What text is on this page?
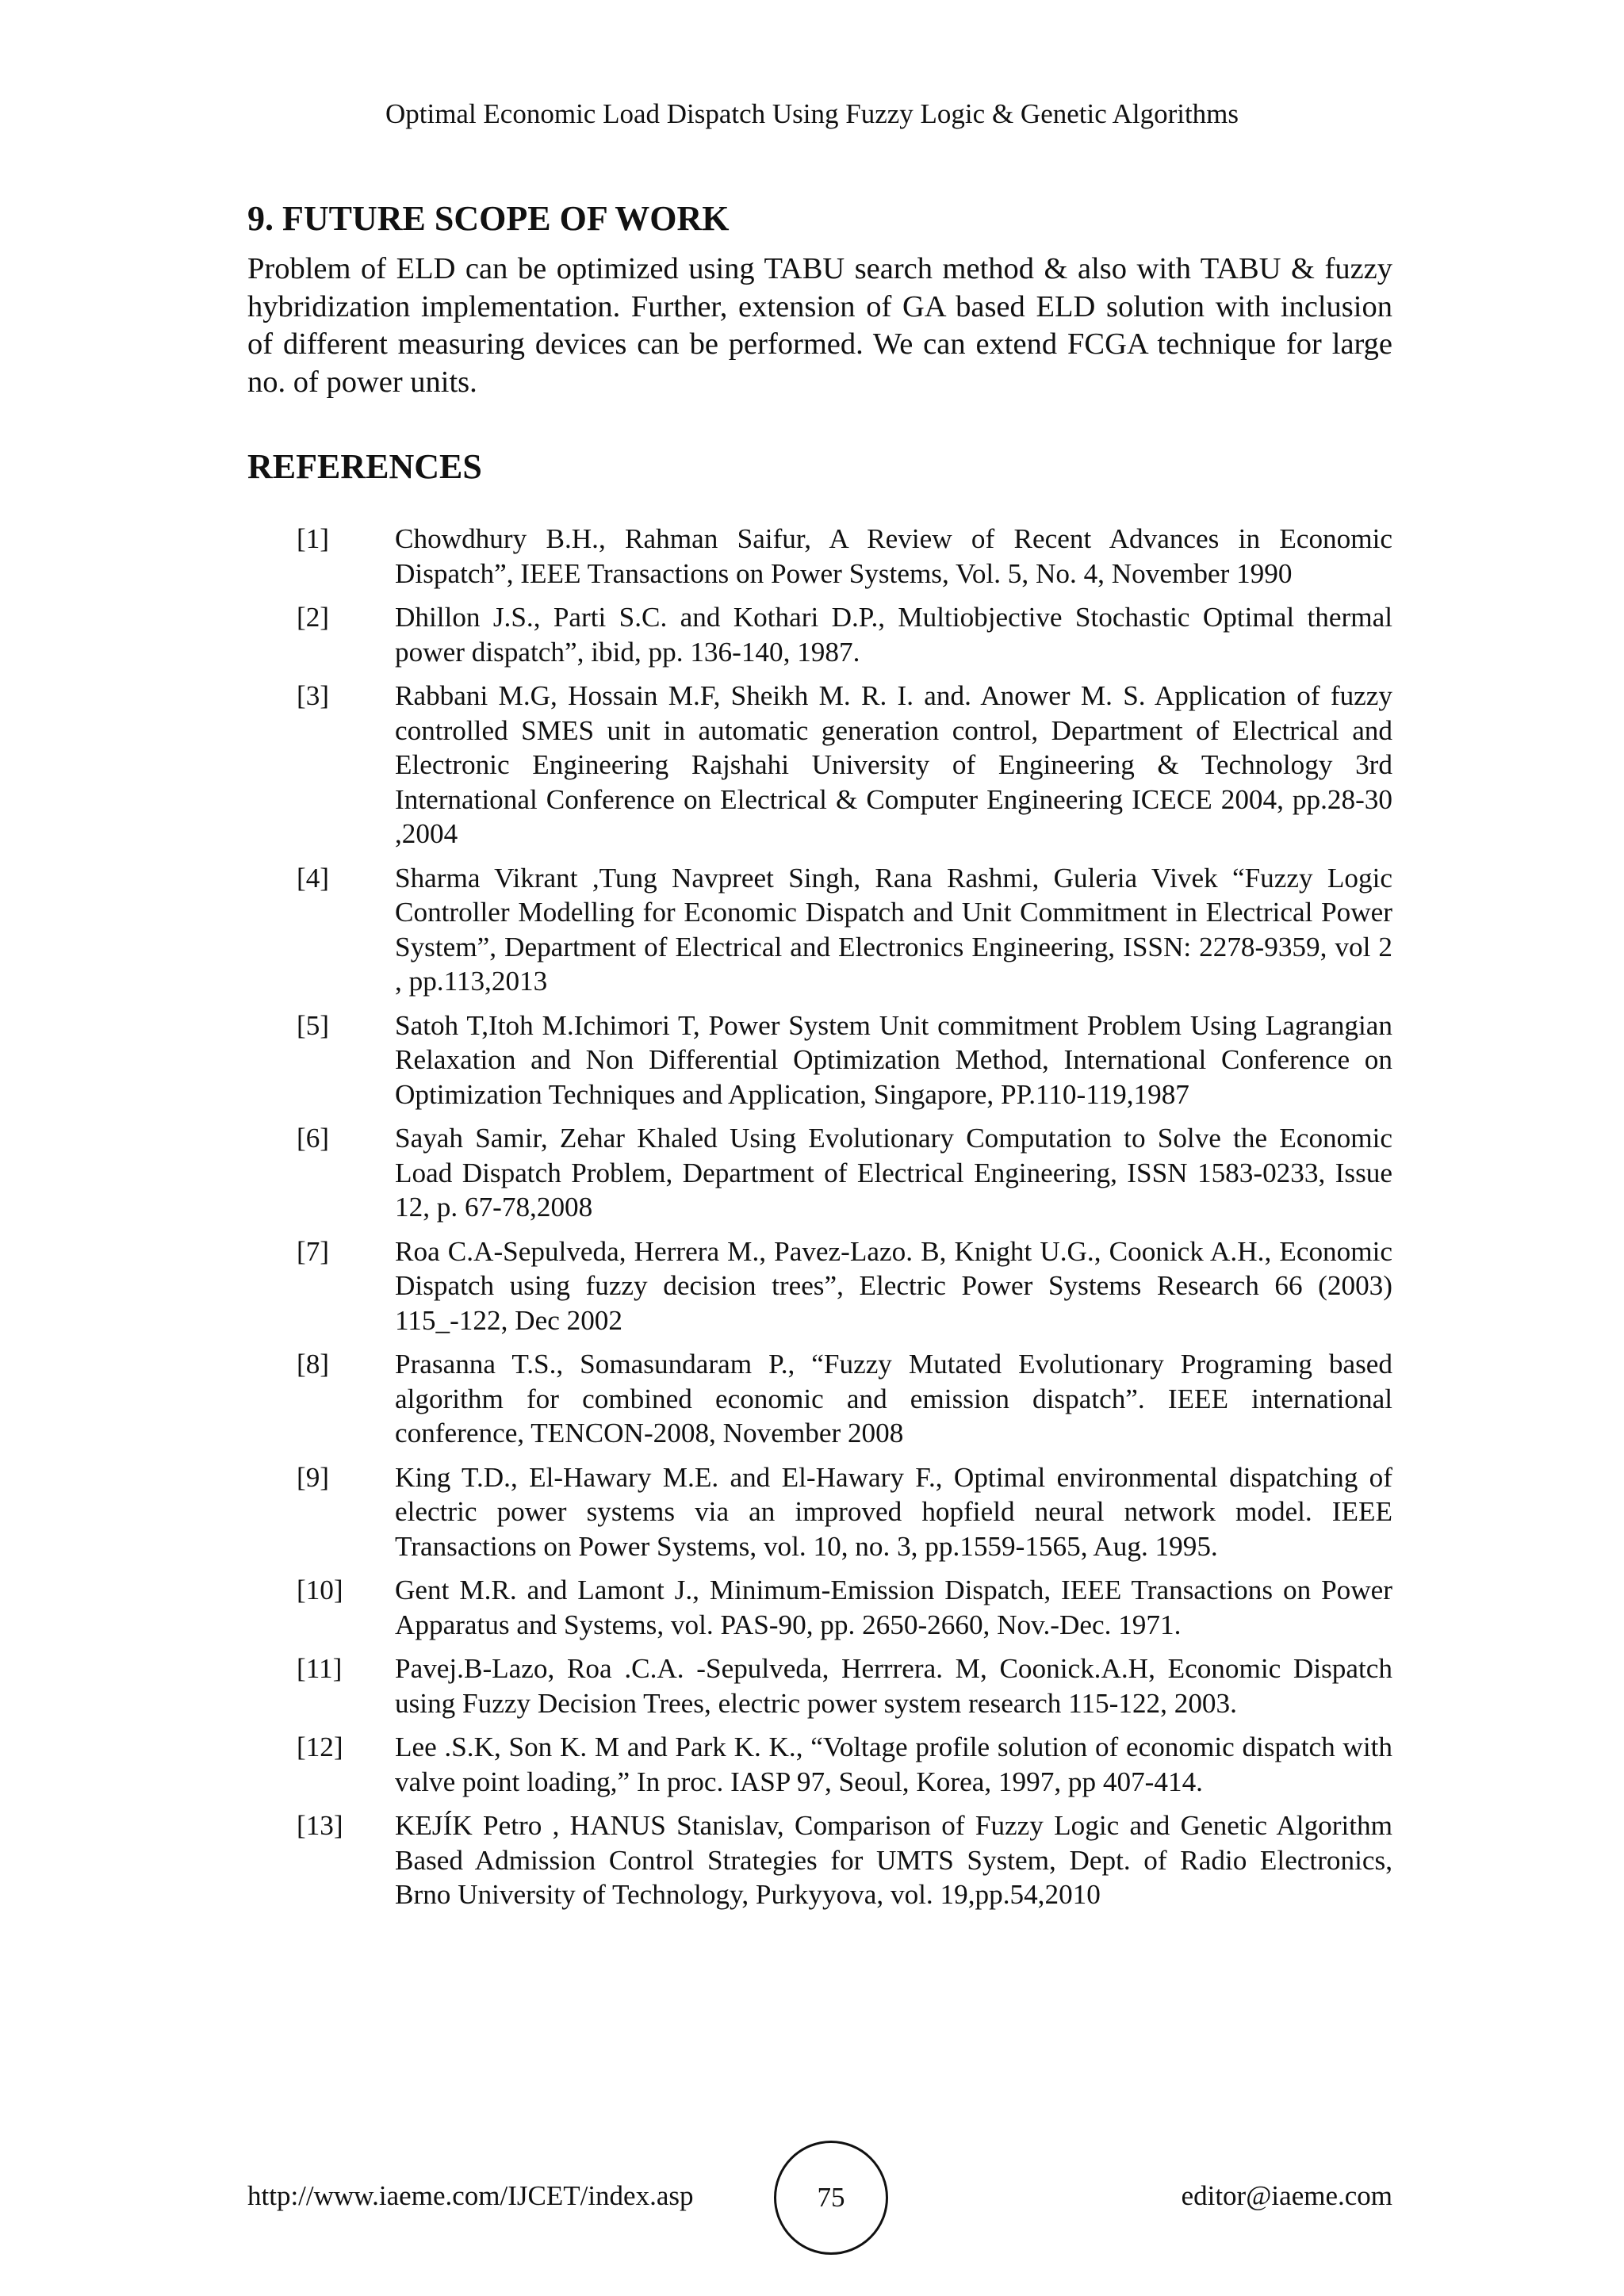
Optimal Economic Load Dispatch Using Fuzzy Logic & Genetic Algorithms
9. FUTURE SCOPE OF WORK

Problem of ELD can be optimized using TABU search method & also with TABU & fuzzy hybridization implementation. Further, extension of GA based ELD solution with inclusion of different measuring devices can be performed. We can extend FCGA technique for large no. of power units.

REFERENCES
[1]	Chowdhury B.H., Rahman Saifur, A Review of Recent Advances in Economic Dispatch”, IEEE Transactions on Power Systems, Vol. 5, No. 4, November 1990
[2]	Dhillon J.S., Parti S.C. and Kothari D.P., Multiobjective Stochastic Optimal thermal power dispatch”, ibid, pp. 136-140, 1987.
[3]	Rabbani M.G, Hossain M.F, Sheikh M. R. I. and. Anower M. S. Application of fuzzy controlled SMES unit in automatic generation control, Department of Electrical and Electronic Engineering Rajshahi University of Engineering & Technology 3rd International Conference on Electrical & Computer Engineering ICECE 2004, pp.28-30 ,2004
[4]	Sharma Vikrant ,Tung Navpreet Singh, Rana Rashmi, Guleria Vivek “Fuzzy Logic Controller Modelling for Economic Dispatch and Unit Commitment in Electrical Power System”, Department of Electrical and Electronics Engineering, ISSN: 2278-9359, vol 2 , pp.113,2013
[5]	Satoh T,Itoh M.Ichimori T, Power System Unit commitment Problem Using Lagrangian Relaxation and Non Differential Optimization Method, International Conference on Optimization Techniques and Application, Singapore, PP.110-119,1987
[6]	Sayah Samir, Zehar Khaled Using Evolutionary Computation to Solve the Economic Load Dispatch Problem, Department of Electrical Engineering, ISSN 1583-0233, Issue 12, p. 67-78,2008
[7]	Roa C.A-Sepulveda, Herrera M., Pavez-Lazo. B, Knight U.G., Coonick A.H., Economic Dispatch using fuzzy decision trees”, Electric Power Systems Research 66 (2003) 115_-122, Dec 2002
[8]	Prasanna T.S., Somasundaram P., “Fuzzy Mutated Evolutionary Programing based algorithm for combined economic and emission dispatch”. IEEE international conference, TENCON-2008, November 2008
[9]	King T.D., El-Hawary M.E. and El-Hawary F., Optimal environmental dispatching of electric power systems via an improved hopfield neural network model. IEEE Transactions on Power Systems, vol. 10, no. 3, pp.1559-1565, Aug. 1995.
[10]	Gent M.R. and Lamont J., Minimum-Emission Dispatch, IEEE Transactions on Power Apparatus and Systems, vol. PAS-90, pp. 2650-2660, Nov.-Dec. 1971.
[11]	Pavej.B-Lazo, Roa .C.A. -Sepulveda, Herrrera. M, Coonick.A.H, Economic Dispatch using Fuzzy Decision Trees, electric power system research 115-122, 2003.
[12]	Lee .S.K, Son K. M and Park K. K., “Voltage profile solution of economic dispatch with valve point loading,” In proc. IASP 97, Seoul, Korea, 1997, pp 407-414.
[13]	KEJÍK Petro , HANUS Stanislav, Comparison of Fuzzy Logic and Genetic Algorithm Based Admission Control Strategies for UMTS System, Dept. of Radio Electronics, Brno University of Technology, Purkyyova, vol. 19,pp.54,2010
http://www.iaeme.com/IJCET/index.asp	75	editor@iaeme.com
